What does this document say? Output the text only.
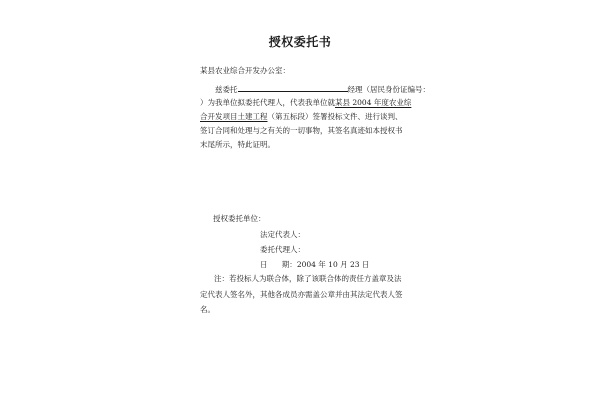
授权委托书
某县农业综合开发办公室：
兹委托	经理（居民身份证编号：
）为我单位拟委托代理人，代表我单位就某县 2004 年度农业综
合开发项目土建工程（第五标段）签署投标文件、进行谈判、
签订合同和处理与之有关的一切事物，其签名真迹如本授权书
末尾所示，特此证明。
授权委托单位：
法定代表人：
委托代理人：
日      期：2004 年 10 月 23 日
注：若投标人为联合体，除了该联合体的责任方盖章及法
定代表人签名外，其他各成员亦需盖公章并由其法定代表人签
名。
